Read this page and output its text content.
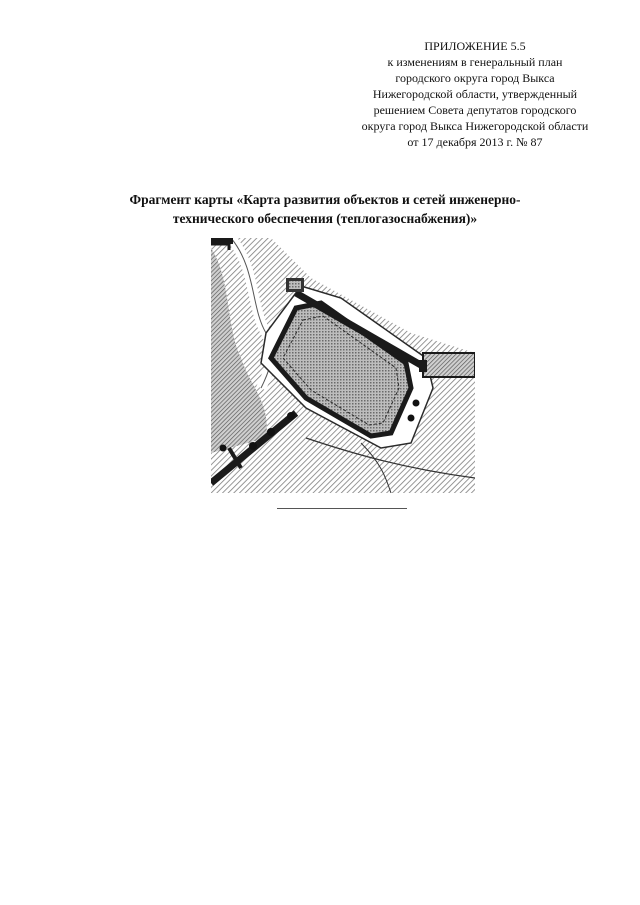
ПРИЛОЖЕНИЕ 5.5
к изменениям в генеральный план
городского округа город Выкса
Нижегородской области, утвержденный
решением Совета депутатов городского
округа город Выкса Нижегородской области
от 17 декабря 2013 г. № 87
Фрагмент карты «Карта развития объектов и сетей инженерно-
технического обеспечения (теплогазоснабжения)»
